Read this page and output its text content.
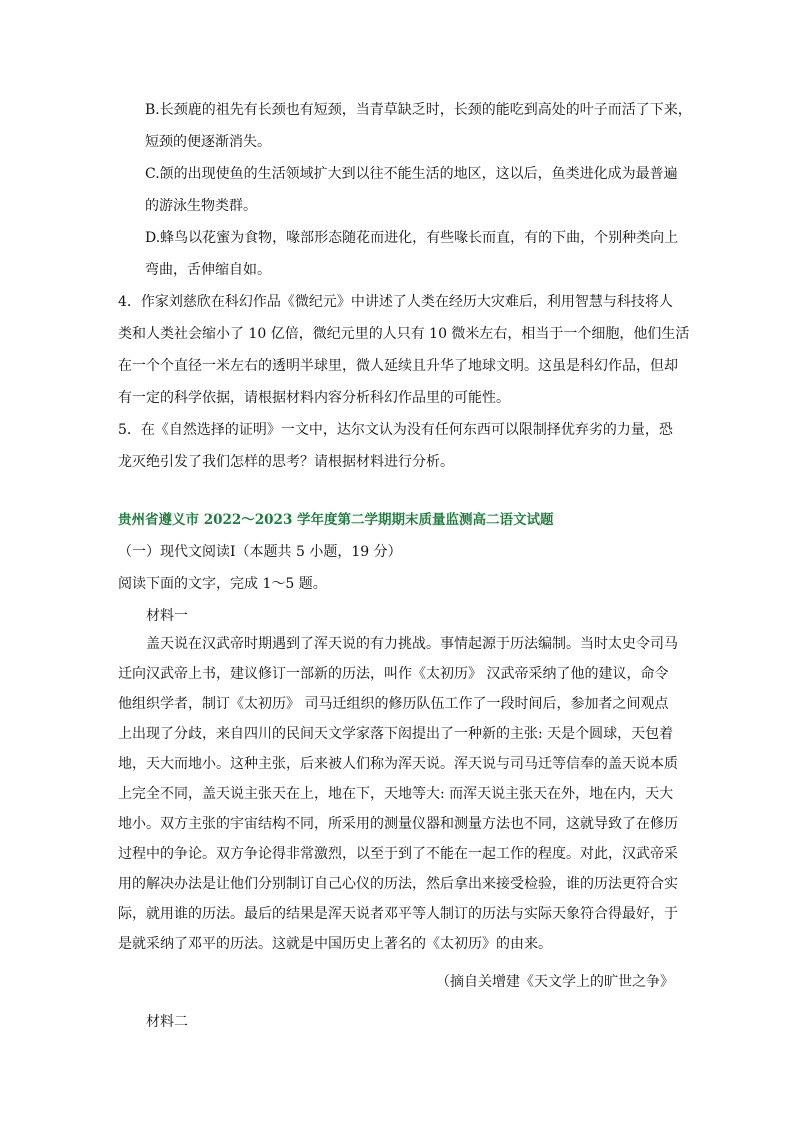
B.长颈鹿的祖先有长颈也有短颈，当青草缺乏时，长颈的能吃到高处的叶子而活了下来，
短颈的便逐渐消失。
C.颌的出现使鱼的生活领域扩大到以往不能生活的地区，这以后，鱼类进化成为最普遍
的游泳生物类群。
D.蜂鸟以花蜜为食物，喙部形态随花而进化，有些喙长而直，有的下曲，个别种类向上
弯曲，舌伸缩自如。
4．作家刘慈欣在科幻作品《微纪元》中讲述了人类在经历大灾难后，利用智慧与科技将人
类和人类社会缩小了 10 亿倍，微纪元里的人只有 10 微米左右，相当于一个细胞，他们生活
在一个个直径一米左右的透明半球里，微人延续且升华了地球文明。这虽是科幻作品，但却
有一定的科学依据，请根据材料内容分析科幻作品里的可能性。
5．在《自然选择的证明》一文中，达尔文认为没有任何东西可以限制择优弃劣的力量，恐
龙灭绝引发了我们怎样的思考？请根据材料进行分析。
贵州省遵义市 2022～2023 学年度第二学期期末质量监测高二语文试题
（一）现代文阅读Ⅰ（本题共 5 小题，19 分）
阅读下面的文字，完成 1～5 题。
材料一
盖天说在汉武帝时期遇到了浑天说的有力挑战。事情起源于历法编制。当时太史令司马
迁向汉武帝上书，建议修订一部新的历法，叫作《太初历》 汉武帝采纳了他的建议，命令
他组织学者，制订《太初历》 司马迁组织的修历队伍工作了一段时间后，参加者之间观点
上出现了分歧，来自四川的民间天文学家落下闳提出了一种新的主张: 天是个圆球，天包着
地，天大而地小。这种主张，后来被人们称为浑天说。浑天说与司马迁等信奉的盖天说本质
上完全不同，盖天说主张天在上，地在下，天地等大: 而浑天说主张天在外，地在内，天大
地小。双方主张的宇宙结构不同，所采用的测量仪器和测量方法也不同，这就导致了在修历
过程中的争论。双方争论得非常激烈，以至于到了不能在一起工作的程度。对此，汉武帝采
用的解决办法是让他们分别制订自己心仪的历法，然后拿出来接受检验，谁的历法更符合实
际，就用谁的历法。最后的结果是浑天说者邓平等人制订的历法与实际天象符合得最好，于
是就采纳了邓平的历法。这就是中国历史上著名的《太初历》的由来。
（摘自关增建《天文学上的旷世之争》
材料二
